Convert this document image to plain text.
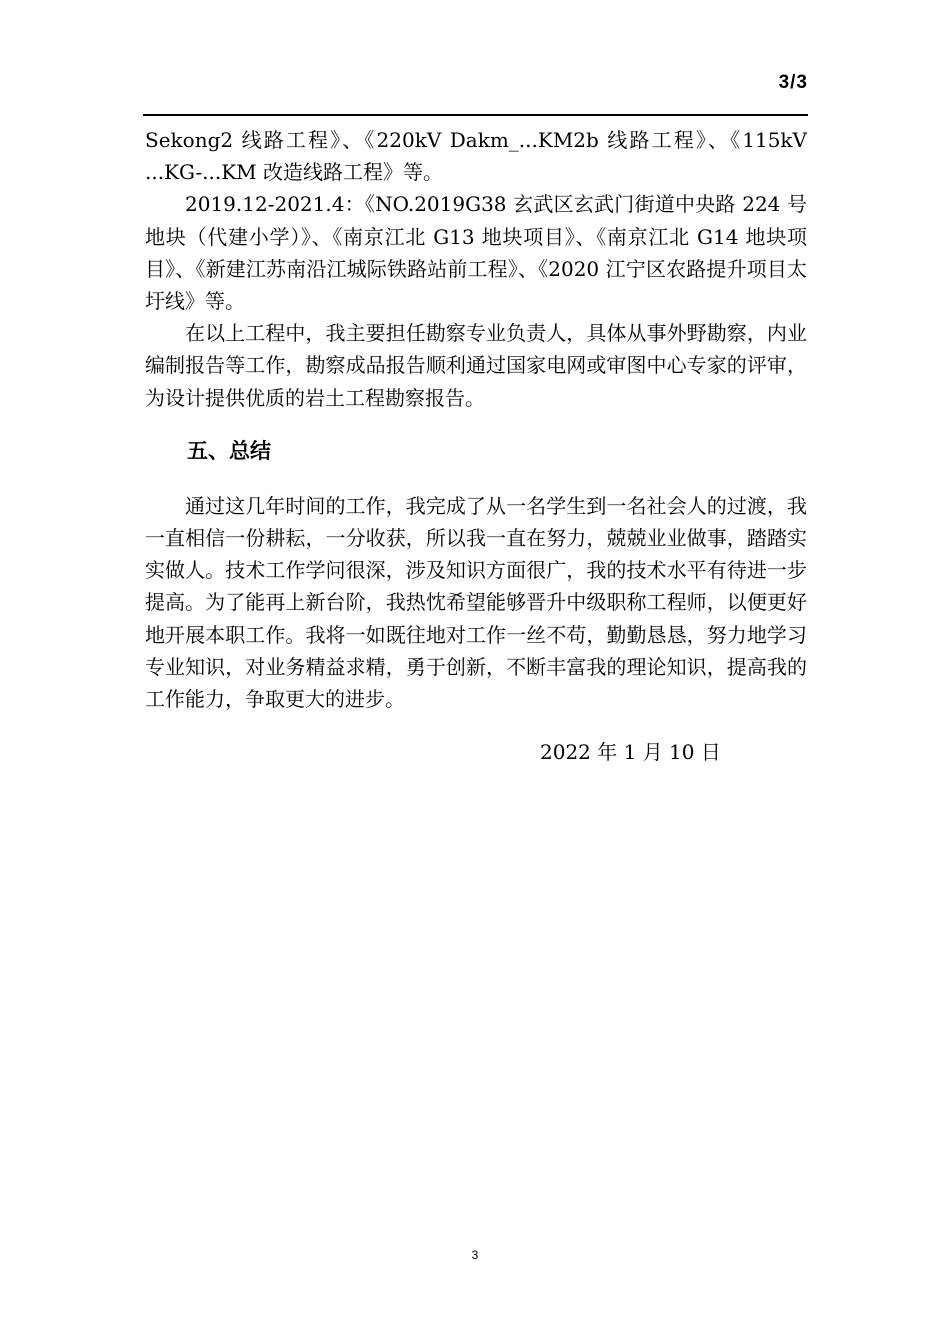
3/3

Sekong2 线路工程》、《220kV Dakm_...KM2b 线路工程》、《115kV ...KG-...KM 改造线路工程》等。

2019.12-2021.4：《NO.2019G38 玄武区玄武门街道中央路 224 号地块（代建小学）》、《南京江北 G13 地块项目》、《南京江北 G14 地块项目》、《新建江苏南沿江城际铁路站前工程》、《2020 江宁区农路提升项目太圩线》等。

在以上工程中，我主要担任勘察专业负责人，具体从事外野勘察，内业编制报告等工作，勘察成品报告顺利通过国家电网或审图中心专家的评审，为设计提供优质的岩土工程勘察报告。

五、总结

通过这几年时间的工作，我完成了从一名学生到一名社会人的过渡，我一直相信一份耕耘，一分收获，所以我一直在努力，兢兢业业做事，踏踏实实做人。技术工作学问很深，涉及知识方面很广，我的技术水平有待进一步提高。为了能再上新台阶，我热忱希望能够晋升中级职称工程师，以便更好地开展本职工作。我将一如既往地对工作一丝不苟，勤勤恳恳，努力地学习专业知识，对业务精益求精，勇于创新，不断丰富我的理论知识，提高我的工作能力，争取更大的进步。

2022 年 1 月 10 日

3
